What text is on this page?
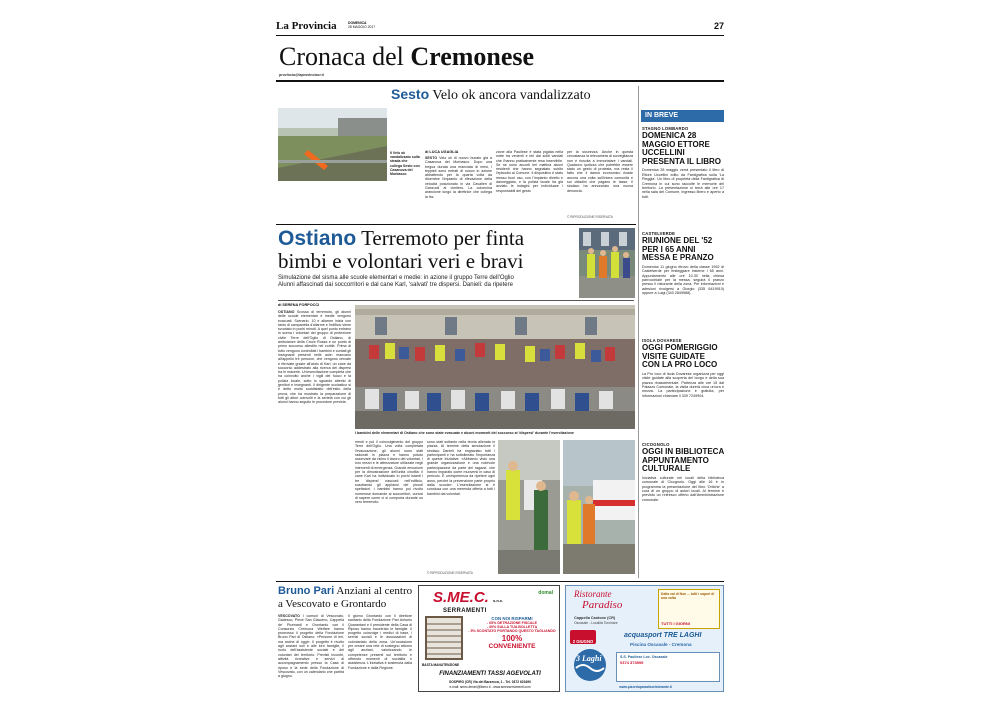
La Provincia	DOMENICA
28 MAGGIO 2017	27
Cronaca del Cremonese
provincia@laprovinciacr.it
Sesto Velo ok ancora vandalizzato
Il Velo ok vandalizzato sulla strada che collega Sesto con Casanova del Morbasco
di LUCA UGAGLIA
SESTO Velo ok di nuovo bucato già a Casanova del Morbasco. Dopo una tregua durata una manciata di mesi, i teppisti sono entrati di nuovo in azione abbattendo per la quarta volta da dicembre l'impianto di rilevazione della velocità posizionato in via Cavalieri di Ganzuoli al cimitero. La colonnina arancione lungo la direttrice che collega la fra-
zione alla Paullese è stata pigiata nella notte tra venerdì e ieri dai soliti vandali che l'hanno praticamente resa inservibile. Se ne sono accorti ieri mattina alcuni residenti che hanno segnalato subito l'episodio al Comune. Il dispositivo è stato messo fuori uso, con l'impianto divelto e danneggiato, e la polizia locale ha già avviato le indagini per individuare i responsabili del gesto
per la sicurezza. Anche in questa circostanza la telecamera di sorveglianza non è riuscita a immortalare i vandali. Qualcuno ipotizza che potrebbe essere stato un gesto di protesta, ma resta il fatto che il danno economico ricade ancora una volta sull'intera comunità e sui cittadini che pagano le tasse. Il sindaco ha annunciato una nuova denuncia.
© RIPRODUZIONE RISERVATA
Ostiano Terremoto per finta
bimbi e volontari veri e bravi
Simulazione del sisma alle scuole elementari e medie: in azione il gruppo Terre dell'Oglio
Alunni affascinati dai soccorritori e dal cane Karl, 'salvati' tre dispersi. Danieli: da ripetere
di SERENA FORPOCCI
OSTIANO Scossa di terremoto, gli alunni delle scuole elementari e medie vengono evacuati. Scenario, 10 e allarme inizia con tanto di campanella d'allarme e l'edificio viene svuotato in pochi minuti. A quel punto entrano in scena i volontari del gruppo di protezione civile Terre dell'Oglio di Ostiano, di ambulanze della Croce Rossa e un punto di primo soccorso allestito nel cortile. Prima di tutto vengono controllati i bambini e contati gli insegnanti presenti nelle aule: mancano all'appello tre persone, che vengono cercate e ritrovate grazie all'aiuto di Karl, un cane da soccorso addestrato alla ricerca dei dispersi tra le macerie. Un'esercitazione completa che ha coinvolto anche i vigili del fuoco e la polizia locale, sotto lo sguardo attento di genitori e insegnanti. Il dirigente scolastico si è detto molto soddisfatto dell'esito della prova, che ha mostrato la preparazione di tutti gli attori coinvolti e la serietà con cui gli alunni hanno seguito le procedure previste.
I bambini delle elementari di Ostiano che sono state evacuate e alcuni momenti del soccorso ai 'dispersi' durante l'esercitazione
menti e poi il coinvolgimento del gruppo Terre dell'Oglio. Una volta completata l'evacuazione, gli alunni sono stati radunati in piazza e hanno potuto osservare da vicino il lavoro dei volontari, i loro mezzi e le attrezzature utilizzate negli interventi di emergenza. Grande emozione per la dimostrazione dell'unità cinofila: il cane Karl ha individuato in pochi istanti i tre 'dispersi' nascosti nell'edificio, suscitando gli applausi dei piccoli spettatori. I bambini hanno poi rivolto numerose domande ai soccorritori, curiosi di sapere come ci si comporta durante un vero terremoto.
sono stati soltanto nella teoria allenata in piazza. Al termine della simulazione il sindaco Danieli ha ringraziato tutti i partecipanti e ha sottolineato l'importanza di queste iniziative: «Abbiamo visto una grande organizzazione e una notevole partecipazione da parte dei ragazzi, che hanno imparato come muoversi in caso di pericolo. È un'esperienza da ripetere ogni anno, perché la prevenzione parte proprio dalla scuola». L'esercitazione si è conclusa con una merenda offerta a tutti i bambini dai volontari.
© RIPRODUZIONE RISERVATA
Bruno Pari Anziani al centro
a Vescovato e Grontardo
VESCOVATO I comuni di Vescovato, Gadesco, Pieve San Giacomo, Cappella de' Picenardi e Grontardo con il Consorzio Cremona Welfare hanno promosso il progetto della Fondazione Bruno Pari di Ostiano: «Persone di ieri, ma anche di oggi». Il progetto è rivolto agli anziani soli e alle loro famiglie, il ruolo dell'assistente sociale e dei volontari del territorio. Previsti incontri, attività ricreative e servizi di accompagnamento presso la Casa di riposo e la sede della Fondazione di Vescovato, con un calendario che partirà a giugno.
Il giorno Grontardo con il direttore sanitario della Fondazione Pari Antonio Quarantani e il presidente della Casa di Riposo hanno incontrato le famiglie. Il progetto coinvolge i medici di base, i servizi sociali e le associazioni di volontariato della zona. Un'occasione per creare una rete di sostegno attorno agli anziani, valorizzando le competenze presenti sul territorio e offrendo momenti di socialità e assistenza. L'iniziativa è sostenuta dalla Fondazione e dalla Regione.
S.ME.C. s.n.c.
domal
SERRAMENTI
BASTA MANUTENZIONE
CON NOI RISPARMI
- 65% DETRAZIONE FISCALE
- 30% SULLA TUA BOLLETTA
- 5% SCONTATO PORTANDO QUESTO TAGLIANDO
100%
CONVENIENTE
FINANZIAMENTI TASSI AGEVOLATI
SOSPIRO (CR) Via dei Barzecca, 1 - Tel. 0372 623490
e-mail: smec-ferrari@libero.it - www.smecserramenti.com
Ristorante
Paradiso
Cappella Cantone (CR)
Oscasale - Località Torchiare
Dalla val di Non ... tutti i sapori di una volta
TUTTI I GIORNI
2 GIUGNO
acquasport TRE LAGHI
Piscina Oscasale - Cremona
3 Laghi	S.S. Paullese Loc. Oscasale
0374 373595
www.pizzeriaparadisoristorante.it
IN BREVE
STAGNO LOMBARDO
DOMENICA 28 MAGGIO ETTORE UCCELLINI PRESENTA IL LIBRO
Domenica 28 maggio verrà presentato il libro di Ettore Uccellini edito da Fantigrafica sulla 'La Pieggia'. Un libro di proprietà della Fantigrafica di Cremona in cui sono raccolte le memorie del territorio. La presentazione si terrà alle ore 17 nella sala del Comune, ingresso libero e aperto a tutti.
CASTELVERDE
RIUNIONE DEL '52 PER I 65 ANNI MESSA E PRANZO
Domenica 11 giugno ritrovo della classe 1952 di Castelverde per festeggiare insieme i 65 anni. Appuntamento alle ore 10.30 nella chiesa parrocchiale per la messa, seguirà il pranzo presso il ristorante della zona. Per informazioni e adesioni rivolgersi a Giorgio (335 6419910) oppure a Luigi (340 2849588).
ISOLA DOVARESE
OGGI POMERIGGIO VISITE GUIDATE CON LA PRO LOCO
La Pro loco di Isola Dovarese organizza per oggi visite guidate alla scoperta del borgo e della sua piazza rinascimentale. Partenza alle ore 15 dal Palazzo Comunale, la visita durerà circa un'ora e mezza. La partecipazione è gratuita, per informazioni chiamare il 339 7249904.
CICOGNOLO
OGGI IN BIBLIOTECA APPUNTAMENTO CULTURALE
Iniziativa culturale nei locali della biblioteca comunale di Cicognolo. Oggi alle 16 è in programma la presentazione del libro 'Ortiche' a cura di un gruppo di autori locali. Al termine è previsto un rinfresco offerto dall'Amministrazione comunale.
